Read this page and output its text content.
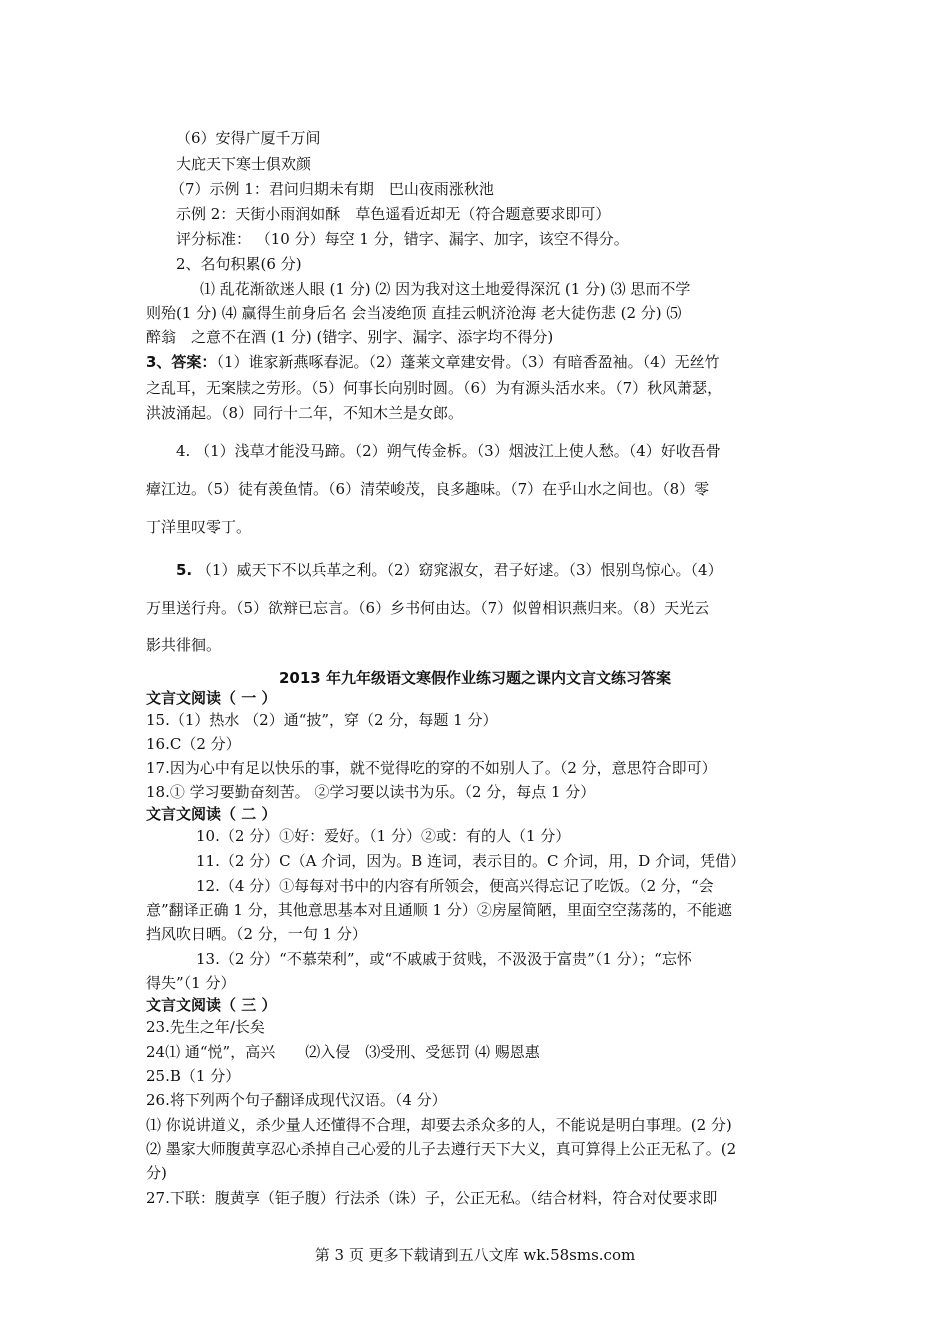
（6）安得广厦千万间
大庇天下寒士俱欢颜
（7）示例 1：君问归期未有期　巴山夜雨涨秋池
示例 2：天街小雨润如酥　草色遥看近却无（符合题意要求即可）
评分标准： （10 分）每空 1 分，错字、漏字、加字，该空不得分。
2、名句积累(6 分)
⑴ 乱花渐欲迷人眼 (1 分) ⑵ 因为我对这土地爱得深沉 (1 分) ⑶ 思而不学
则殆(1 分) ⑷ 赢得生前身后名 会当凌绝顶 直挂云帆济沧海 老大徒伤悲 (2 分) ⑸
醉翁　之意不在酒 (1 分) (错字、别字、漏字、添字均不得分)
3、答案：（1）谁家新燕啄春泥。（2）蓬莱文章建安骨。（3）有暗香盈袖。（4）无丝竹
之乱耳，无案牍之劳形。（5）何事长向别时圆。（6）为有源头活水来。（7）秋风萧瑟，
洪波涌起。（8）同行十二年，不知木兰是女郎。
4. （1）浅草才能没马蹄。（2）朔气传金柝。（3）烟波江上使人愁。（4）好收吾骨
瘴江边。（5）徒有羡鱼情。（6）清荣峻茂，良多趣味。（7）在乎山水之间也。（8）零
丁洋里叹零丁。
5. （1）威天下不以兵革之利。（2）窈窕淑女，君子好逑。（3）恨别鸟惊心。（4）
万里送行舟。（5）欲辩已忘言。（6）乡书何由达。（7）似曾相识燕归来。（8）天光云
影共徘徊。
2013 年九年级语文寒假作业练习题之课内文言文练习答案
文言文阅读（ 一 ）
15.（1）热水 （2）通“披”，穿（2 分，每题 1 分）
16.C（2 分）
17.因为心中有足以快乐的事，就不觉得吃的穿的不如别人了。（2 分，意思符合即可）
18.① 学习要勤奋刻苦。 ②学习要以读书为乐。（2 分，每点 1 分）
文言文阅读（ 二 ）
10.（2 分）①好：爱好。（1 分）②或：有的人（1 分）
11.（2 分）C（A 介词，因为。B 连词，表示目的。C 介词，用，D 介词，凭借）
12.（4 分）①每每对书中的内容有所领会，便高兴得忘记了吃饭。（2 分，“会
意”翻译正确 1 分，其他意思基本对且通顺 1 分）②房屋简陋，里面空空荡荡的，不能遮
挡风吹日晒。（2 分，一句 1 分）
13.（2 分）“不慕荣利”，或“不戚戚于贫贱，不汲汲于富贵”（1 分）；“忘怀
得失”（1 分）
文言文阅读（ 三 ）
23.先生之年/长矣
24⑴ 通“悦”，高兴　　⑵入侵　⑶受刑、受惩罚 ⑷ 赐恩惠
25.B（1 分）
26.将下列两个句子翻译成现代汉语。（4 分）
⑴ 你说讲道义，杀少量人还懂得不合理，却要去杀众多的人，不能说是明白事理。(2 分)
⑵ 墨家大师腹黄享忍心杀掉自己心爱的儿子去遵行天下大义，真可算得上公正无私了。(2
分)
27.下联：腹黄享（钜子腹）行法杀（诛）子，公正无私。（结合材料，符合对仗要求即
第 3 页 更多下载请到五八文库 wk.58sms.com
